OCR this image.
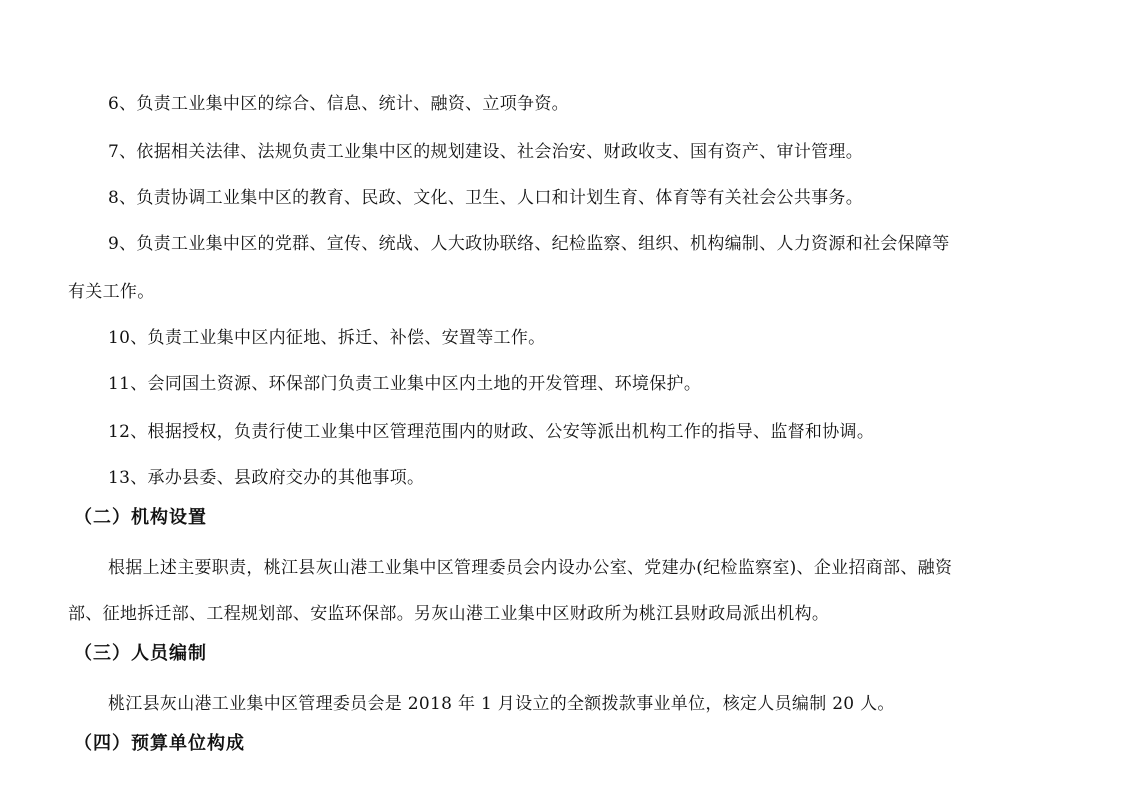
6、负责工业集中区的综合、信息、统计、融资、立项争资。

7、依据相关法律、法规负责工业集中区的规划建设、社会治安、财政收支、国有资产、审计管理。

8、负责协调工业集中区的教育、民政、文化、卫生、人口和计划生育、体育等有关社会公共事务。

9、负责工业集中区的党群、宣传、统战、人大政协联络、纪检监察、组织、机构编制、人力资源和社会保障等

有关工作。

10、负责工业集中区内征地、拆迁、补偿、安置等工作。

11、会同国土资源、环保部门负责工业集中区内土地的开发管理、环境保护。

12、根据授权，负责行使工业集中区管理范围内的财政、公安等派出机构工作的指导、监督和协调。

13、承办县委、县政府交办的其他事项。

（二）机构设置

根据上述主要职责，桃江县灰山港工业集中区管理委员会内设办公室、党建办(纪检监察室)、企业招商部、融资

部、征地拆迁部、工程规划部、安监环保部。另灰山港工业集中区财政所为桃江县财政局派出机构。

（三）人员编制

桃江县灰山港工业集中区管理委员会是 2018 年 1 月设立的全额拨款事业单位，核定人员编制 20 人。

（四）预算单位构成
